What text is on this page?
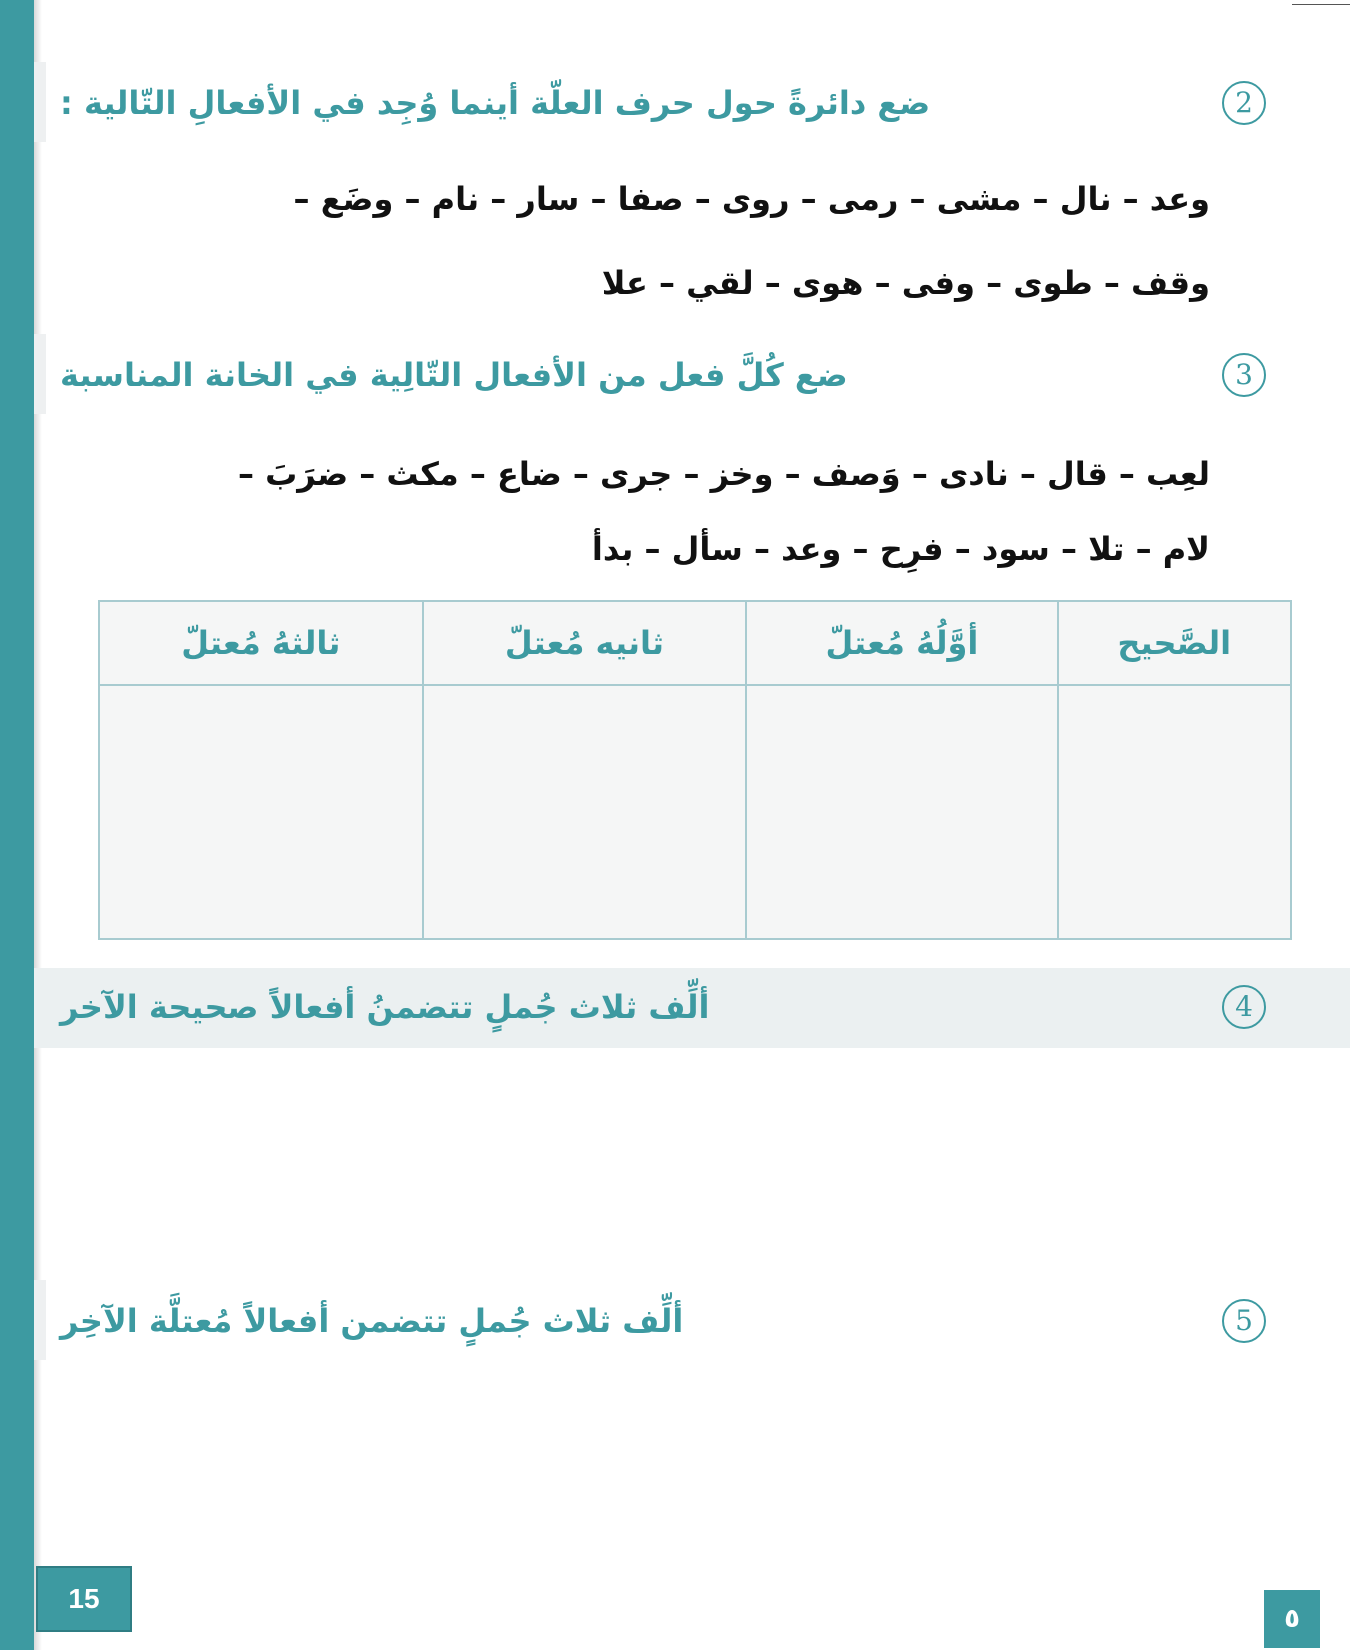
2
ضع دائرةً حول حرف العلّة أينما وُجِد في الأفعالِ التّالية :
وعد – نال – مشى – رمى – روى – صفا – سار – نام – وضَع –
وقف – طوى – وفى – هوى – لقي – علا
3
ضع كُلَّ فعل من الأفعال التّالِية في الخانة المناسبة
لعِب – قال – نادى – وَصف – وخز – جرى – ضاع – مكث – ضرَبَ –
لام – تلا – سود – فرِح – وعد – سأل – بدأ
الصَّحيح	أوَّلُهُ مُعتلّ	ثانيه مُعتلّ	ثالثهُ مُعتلّ

4
ألِّف ثلاث جُملٍ تتضمنُ أفعالاً صحيحة الآخر
5
ألِّف ثلاث جُملٍ تتضمن أفعالاً مُعتلَّة الآخِر
15
٥
